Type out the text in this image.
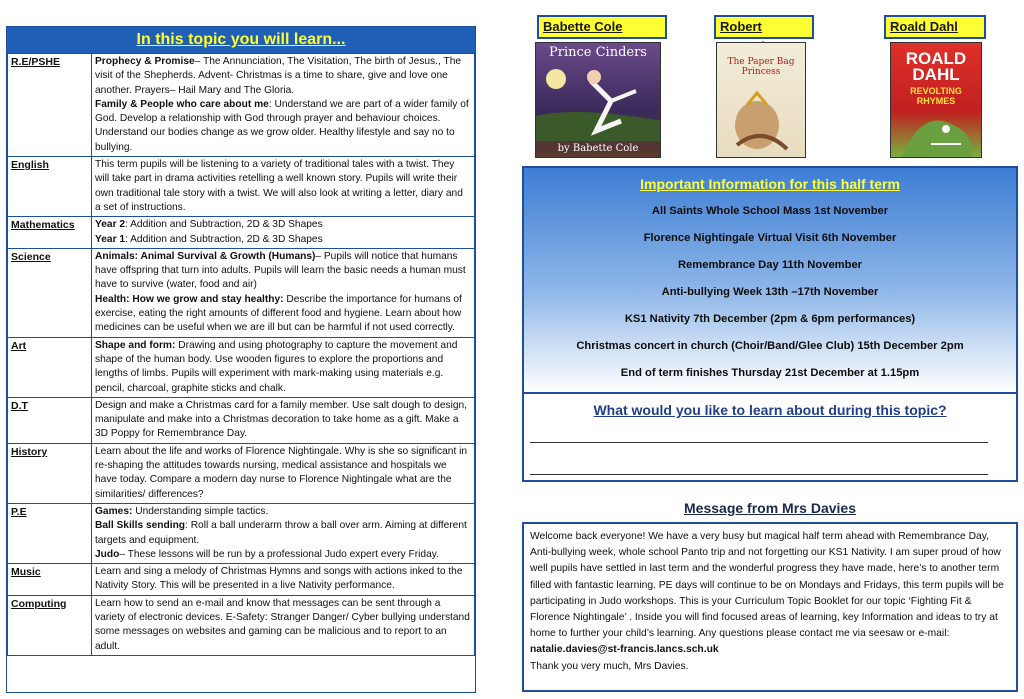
In this topic you will learn...
R.E/PSHE	Prophecy & Promise– The Annunciation, The Visitation, The birth of Jesus., The visit of the Shepherds. Advent- Christmas is a time to share, give and love one another. Prayers– Hail Mary and The Gloria.
Family & People who care about me: Understand we are part of a wider family of God. Develop a relationship with God through prayer and behaviour choices. Understand our bodies change as we grow older. Healthy lifestyle and say no to bullying.

English	This term pupils will be listening to a variety of traditional tales with a twist. They will take part in drama activities retelling a well known story. Pupils will write their own traditional tale story with a twist. We will also look at writing a letter, diary and a set of instructions.

Mathematics	Year 2: Addition and Subtraction, 2D & 3D Shapes
Year 1: Addition and Subtraction, 2D & 3D Shapes

Science	Animals: Animal Survival & Growth (Humans)– Pupils will notice that humans have offspring that turn into adults. Pupils will learn the basic needs a human must have to survive (water, food and air)
Health: How we grow and stay healthy: Describe the importance for humans of exercise, eating the right amounts of different food and hygiene. Learn about how medicines can be useful when we are ill but can be harmful if not used correctly.

Art	Shape and form: Drawing and using photography to capture the movement and shape of the human body. Use wooden figures to explore the proportions and lengths of limbs. Pupils will experiment with mark-making using materials e.g. pencil, charcoal, graphite sticks and chalk.

D.T	Design and make a Christmas card for a family member. Use salt dough to design, manipulate and make into a Christmas decoration to take home as a gift. Make a 3D Poppy for Remembrance Day.

History	Learn about the life and works of Florence Nightingale. Why is she so significant in re-shaping the attitudes towards nursing, medical assistance and hospitals we have today. Compare a modern day nurse to Florence Nightingale what are the similarities/ differences?

P.E	Games: Understanding simple tactics.
Ball Skills sending: Roll a ball underarm throw a ball over arm. Aiming at different targets and equipment.
Judo– These lessons will be run by a professional Judo expert every Friday.

Music	Learn and sing a melody of Christmas Hymns and songs with actions inked to the Nativity Story. This will be presented in a live Nativity performance.

Computing	Learn how to send an e-mail and know that messages can be sent through a variety of electronic devices. E-Safety: Stranger Danger/ Cyber bullying understand some messages on websites and gaming can be malicious and to report to an adult.
Babette Cole	Robert	Roald Dahl
Prince Cinders
by Babette Cole
The Paper Bag Princess
ROALD DAHL
REVOLTING RHYMES
Important Information for this half term
All Saints Whole School Mass 1st November
Florence Nightingale Virtual Visit 6th November
Remembrance Day 11th November
Anti-bullying Week 13th –17th November
KS1 Nativity 7th December (2pm & 6pm performances)
Christmas concert in church (Choir/Band/Glee Club) 15th December 2pm
End of term finishes Thursday 21st December at 1.15pm
What would you like to learn about during this topic?
Message from Mrs Davies
Welcome back everyone! We have a very busy but magical half term ahead with Remembrance Day, Anti-bullying week, whole school Panto trip and not forgetting our KS1 Nativity. I am super proud of how well pupils have settled in last term and the wonderful progress they have made, here’s to another term filled with fantastic learning. PE days will continue to be on Mondays and Fridays, this term pupils will be participating in Judo workshops. This is your Curriculum Topic Booklet for our topic ‘Fighting Fit & Florence Nightingale’ . Inside you will find focused areas of learning, key Information and ideas to try at home to further your child’s learning. Any questions please contact me via seesaw or e-mail: natalie.davies@st-francis.lancs.sch.uk
Thank you very much, Mrs Davies.
